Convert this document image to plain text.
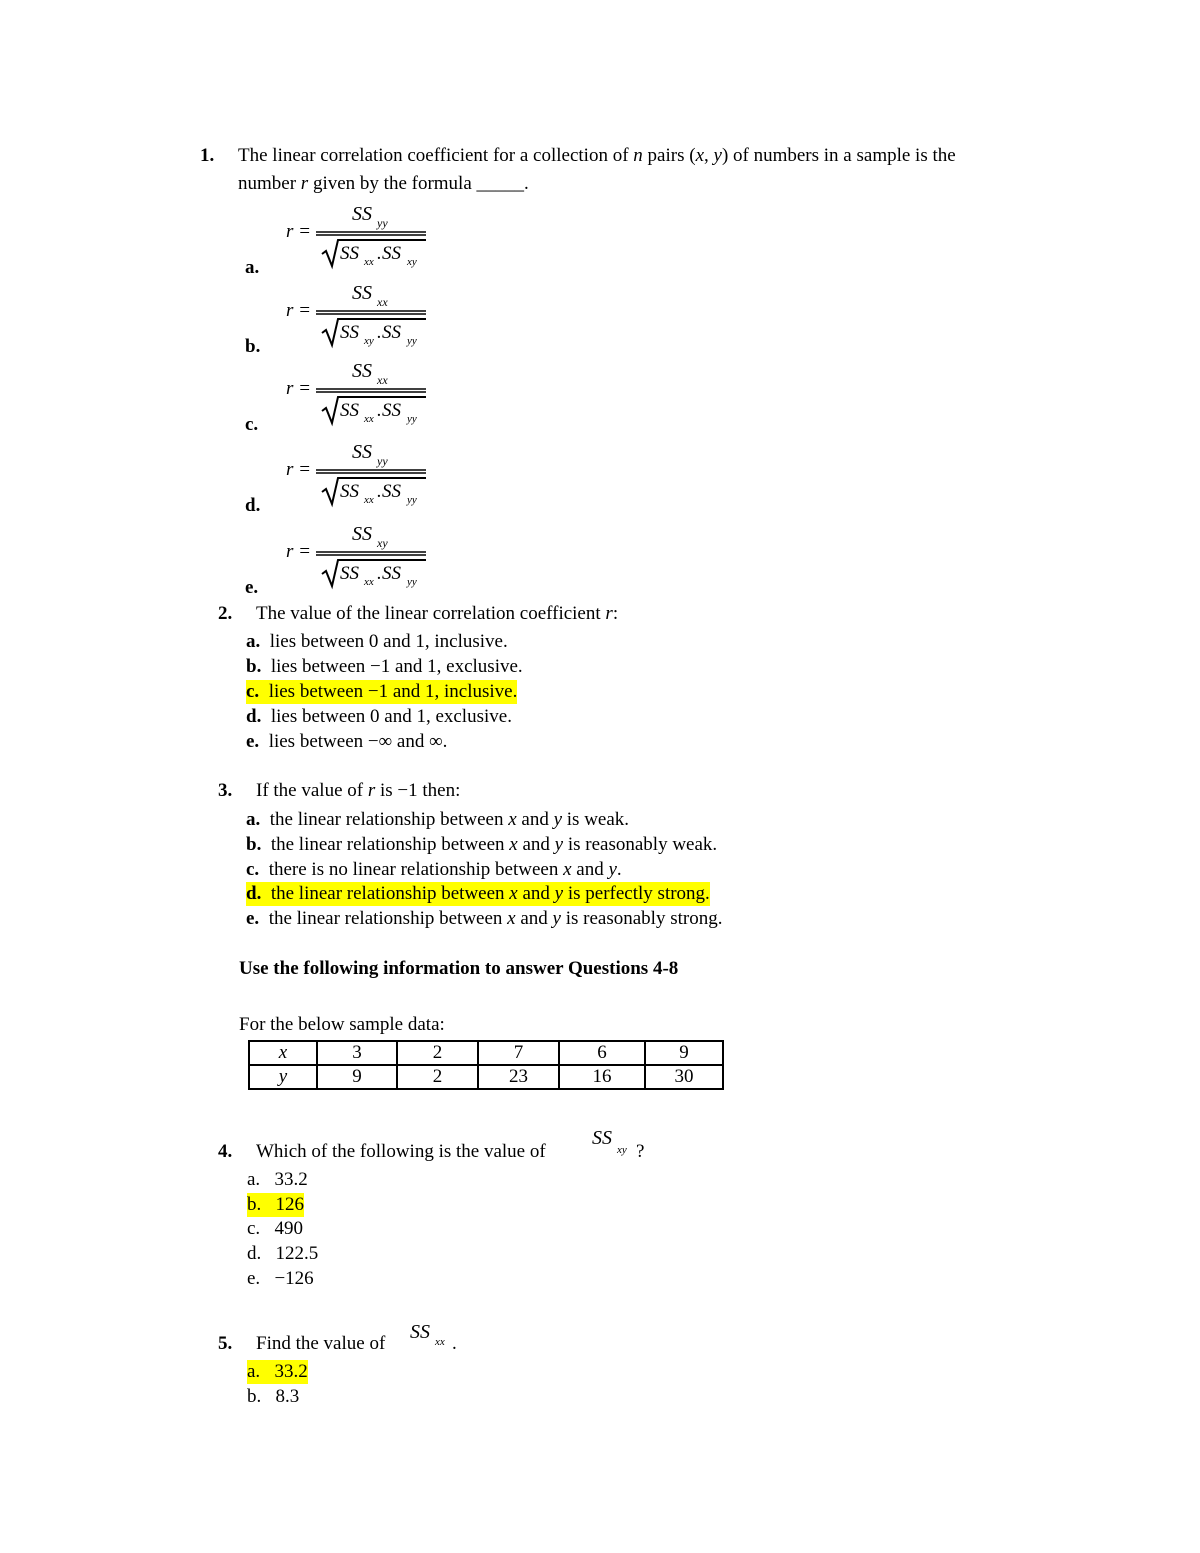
1. The linear correlation coefficient for a collection of n pairs (x, y) of numbers in a sample is the
number r given by the formula _____.
a.
r =
SS yy
SS xx . SS xy
b.
r =
SS xx
SS xy . SS yy
c.
r =
SS xx
SS xx . SS yy
d.
r =
SS yy
SS xx . SS yy
e.
r =
SS xy
SS xx . SS yy
2. The value of the linear correlation coefficient r:
a. lies between 0 and 1, inclusive.
b. lies between −1 and 1, exclusive.
c. lies between −1 and 1, inclusive.
d. lies between 0 and 1, exclusive.
e. lies between −∞ and ∞.
3. If the value of r is −1 then:
a.  the linear relationship between x and y is weak.
b.  the linear relationship between x and y is reasonably weak.
c.  there is no linear relationship between x and y.
d.  the linear relationship between x and y is perfectly strong.
e.  the linear relationship between x and y is reasonably strong.
Use the following information to answer Questions 4-8
For the below sample data:
x	3	2	7	6	9
y	9	2	23	16	30
4. Which of the following is the value of
SS
xy ?
a. 33.2
b. 126
c. 490
d. 122.5
e. −126
5. Find the value of
SS xx .
a. 33.2
b. 8.3
